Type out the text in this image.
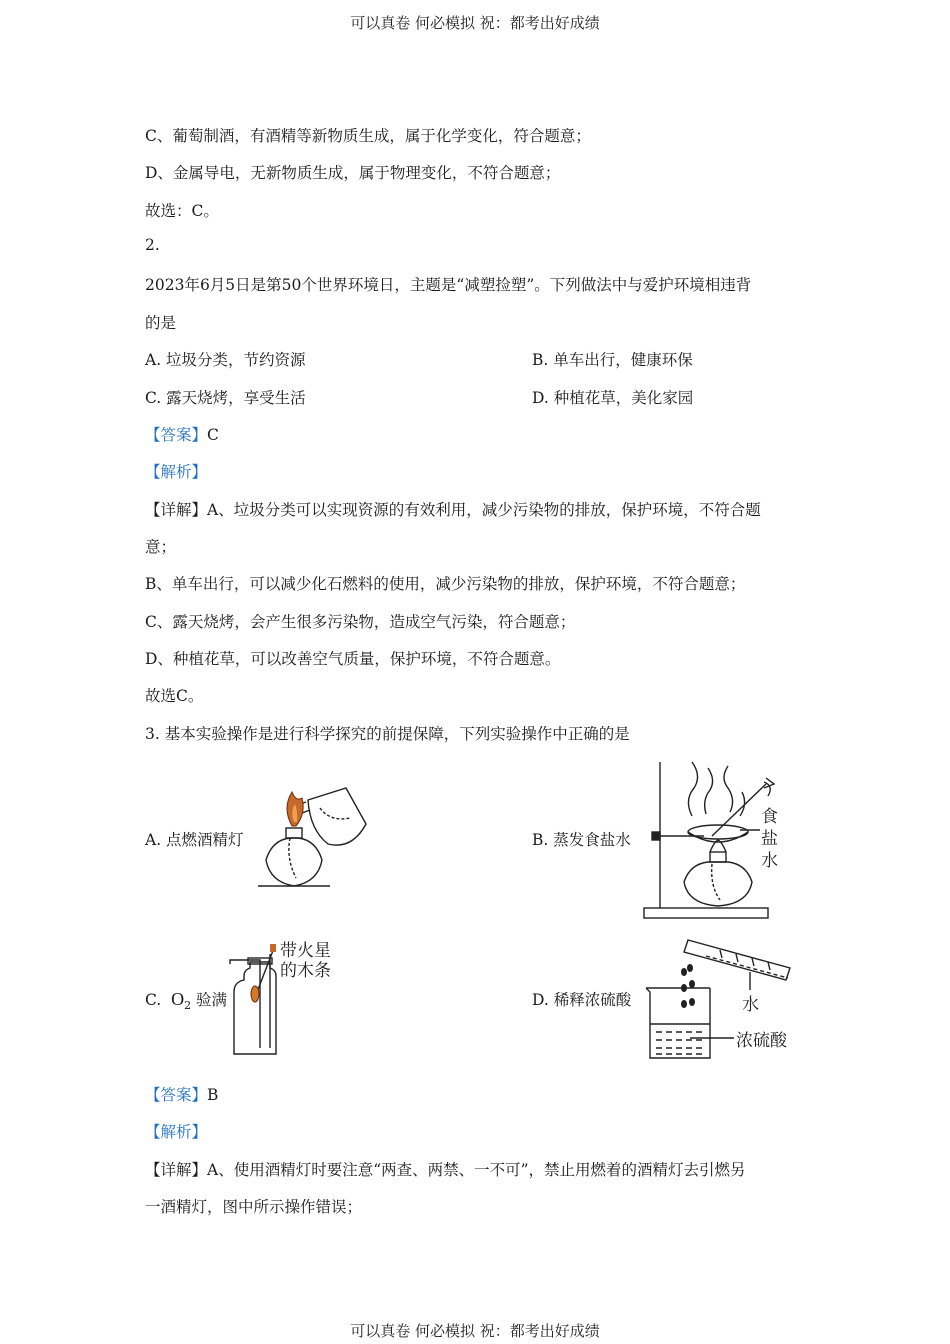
可以真卷 何必模拟 祝：都考出好成绩
C、葡萄制酒，有酒精等新物质生成，属于化学变化，符合题意；
D、金属导电，无新物质生成，属于物理变化，不符合题意；
故选：C。
2.
2023年6月5日是第50个世界环境日，主题是“减塑捡塑”。下列做法中与爱护环境相违背
的是
A. 垃圾分类，节约资源	B. 单车出行，健康环保
C. 露天烧烤，享受生活	D. 种植花草，美化家园
【答案】C
【解析】
【详解】A、垃圾分类可以实现资源的有效利用，减少污染物的排放，保护环境，不符合题
意；
B、单车出行，可以减少化石燃料的使用，减少污染物的排放，保护环境，不符合题意；
C、露天烧烤，会产生很多污染物，造成空气污染，符合题意；
D、种植花草，可以改善空气质量，保护环境，不符合题意。
故选C。
3. 基本实验操作是进行科学探究的前提保障，下列实验操作中正确的是
A. 点燃酒精灯	B. 蒸发食盐水
食
盐
水
C. $O_2$ 验满
带火星
的木条
D. 稀释浓硫酸	水
浓硫酸
【答案】B
【解析】
【详解】A、使用酒精灯时要注意“两查、两禁、一不可”，禁止用燃着的酒精灯去引燃另
一酒精灯，图中所示操作错误；
可以真卷 何必模拟 祝：都考出好成绩
